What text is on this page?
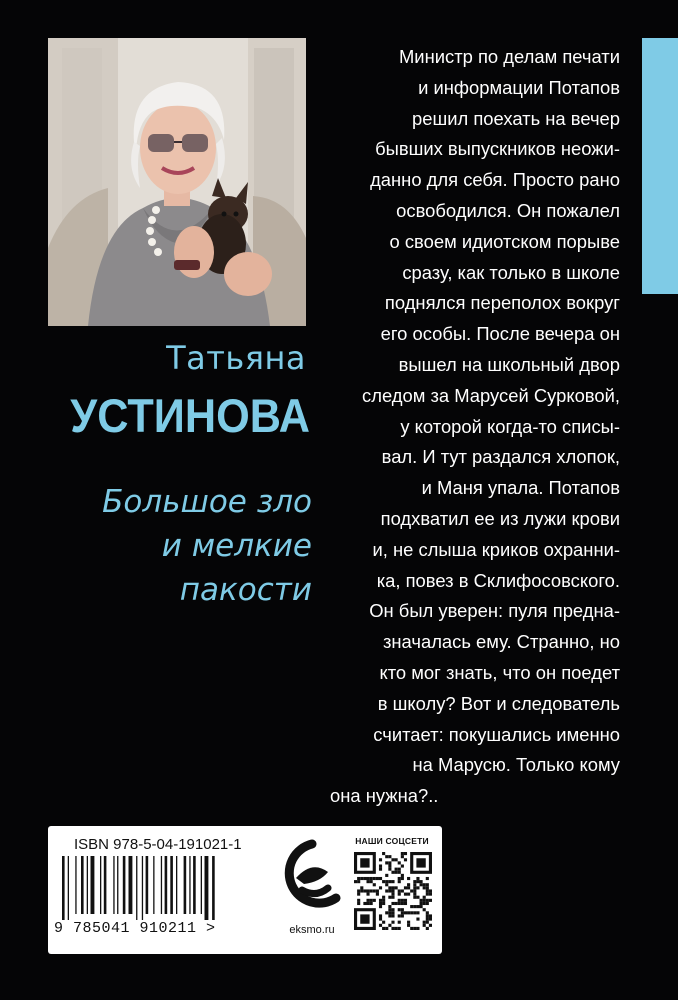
Татьяна
УСТИНОВА
Большое зло
и мелкие
пакости
Министр по делам печати
и информации Потапов
решил поехать на вечер
бывших выпускников неожи-
данно для себя. Просто рано
освободился. Он пожалел
о своем идиотском порыве
сразу, как только в школе
поднялся переполох вокруг
его особы. После вечера он
вышел на школьный двор
следом за Марусей Сурковой,
у которой когда-то списы-
вал. И тут раздался хлопок,
и Маня упала. Потапов
подхватил ее из лужи крови
и, не слыша криков охранни-
ка, повез в Склифосовского.
Он был уверен: пуля предна-
значалась ему. Странно, но
кто мог знать, что он поедет
в школу? Вот и следователь
считает: покушались именно
на Марусю. Только кому
она нужна?..
ISBN 978-5-04-191021-1
9 785041 910211 >	eksmo.ru
НАШИ СОЦСЕТИ
